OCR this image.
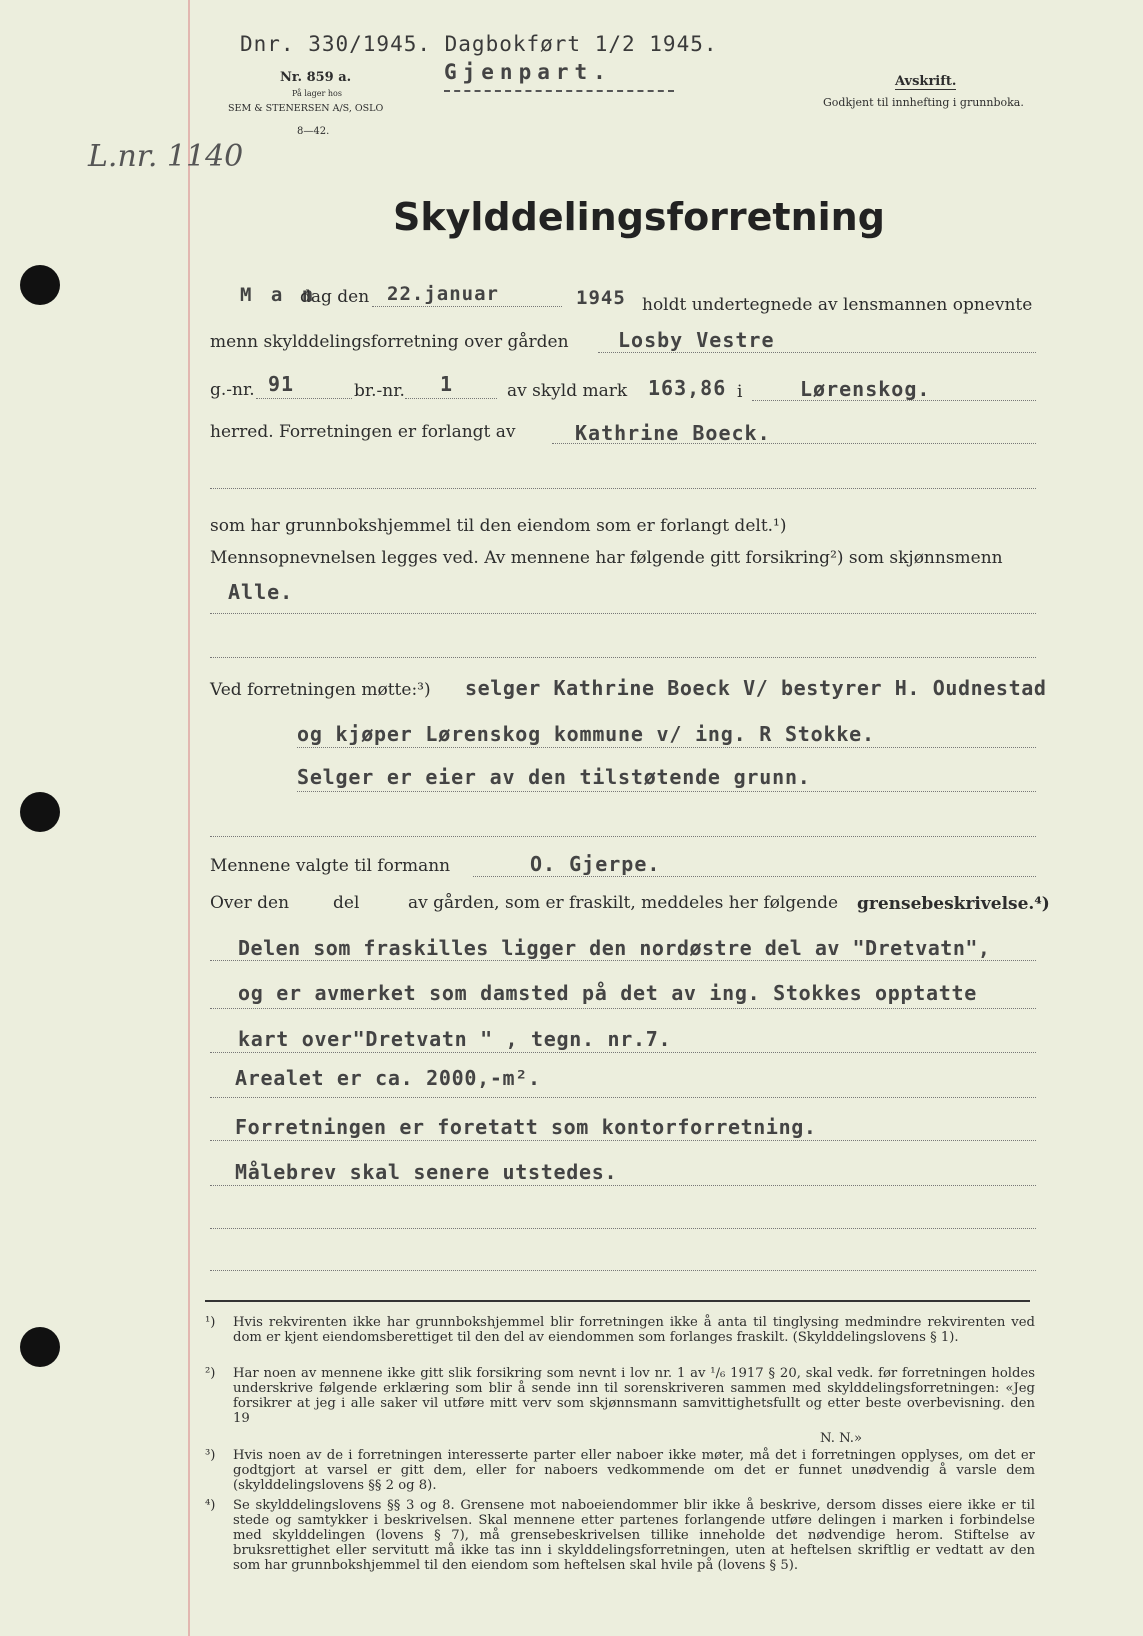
Dnr. 330/1945. Dagbokført 1/2 1945.
Gjenpart.
Nr. 859 a.
På lager hos
SEM & STENERSEN A/S, OSLO
8—42.
Avskrift.
Godkjent til innhefting i grunnboka.
L.nr. 1140
Skylddelingsforretning
M a n
dag den 22.januar	1945 holdt undertegnede av lensmannen opnevnte
menn skylddelingsforretning over gården Losby Vestre
g.-nr. 91	br.-nr. 1	av skyld mark 163,86 i	Lørenskog.
herred. Forretningen er forlangt av	Kathrine Boeck.
som har grunnbokshjemmel til den eiendom som er forlangt delt.¹)
Mennsopnevnelsen legges ved. Av mennene har følgende gitt forsikring²) som skjønnsmenn
Alle.
Ved forretningen møtte:³) selger Kathrine Boeck V/ bestyrer H. Oudnestad
og kjøper Lørenskog kommune v/ ing. R Stokke.
Selger er eier av den tilstøtende grunn.
Mennene valgte til formann	O. Gjerpe.
Over den	del	av gården, som er fraskilt, meddeles her følgende grensebeskrivelse.⁴)
Delen som fraskilles ligger den nordøstre del av "Dretvatn",
og er avmerket som damsted på det av ing. Stokkes opptatte
kart over"Dretvatn " , tegn. nr.7.
Arealet er ca. 2000,-m².
Forretningen er foretatt som kontorforretning.
Målebrev skal senere utstedes.
¹) Hvis rekvirenten ikke har grunnbokshjemmel blir forretningen ikke å anta til tinglysing medmindre rekvirenten ved dom er kjent eiendomsberettiget til den del av eiendommen som forlanges fraskilt. (Skylddelingslovens § 1).
²) Har noen av mennene ikke gitt slik forsikring som nevnt i lov nr. 1 av ¹/₆ 1917 § 20, skal vedk. før forretningen holdes underskrive følgende erklæring som blir å sende inn til sorenskriveren sammen med skylddelingsforretningen: «Jeg forsikrer at jeg i alle saker vil utføre mitt verv som skjønnsmann samvittighetsfullt og etter beste overbevisning. den 19
N. N.»
³) Hvis noen av de i forretningen interesserte parter eller naboer ikke møter, må det i forretningen opplyses, om det er godtgjort at varsel er gitt dem, eller for naboers vedkommende om det er funnet unødvendig å varsle dem (skylddelingslovens §§ 2 og 8).
⁴) Se skylddelingslovens §§ 3 og 8. Grensene mot naboeiendommer blir ikke å beskrive, dersom disses eiere ikke er til stede og samtykker i beskrivelsen. Skal mennene etter partenes forlangende utføre delingen i marken i forbindelse med skylddelingen (lovens § 7), må grensebeskrivelsen tillike inneholde det nødvendige herom. Stiftelse av bruksrettighet eller servitutt må ikke tas inn i skylddelingsforretningen, uten at heftelsen skriftlig er vedtatt av den som har grunnbokshjemmel til den eiendom som heftelsen skal hvile på (lovens § 5).
